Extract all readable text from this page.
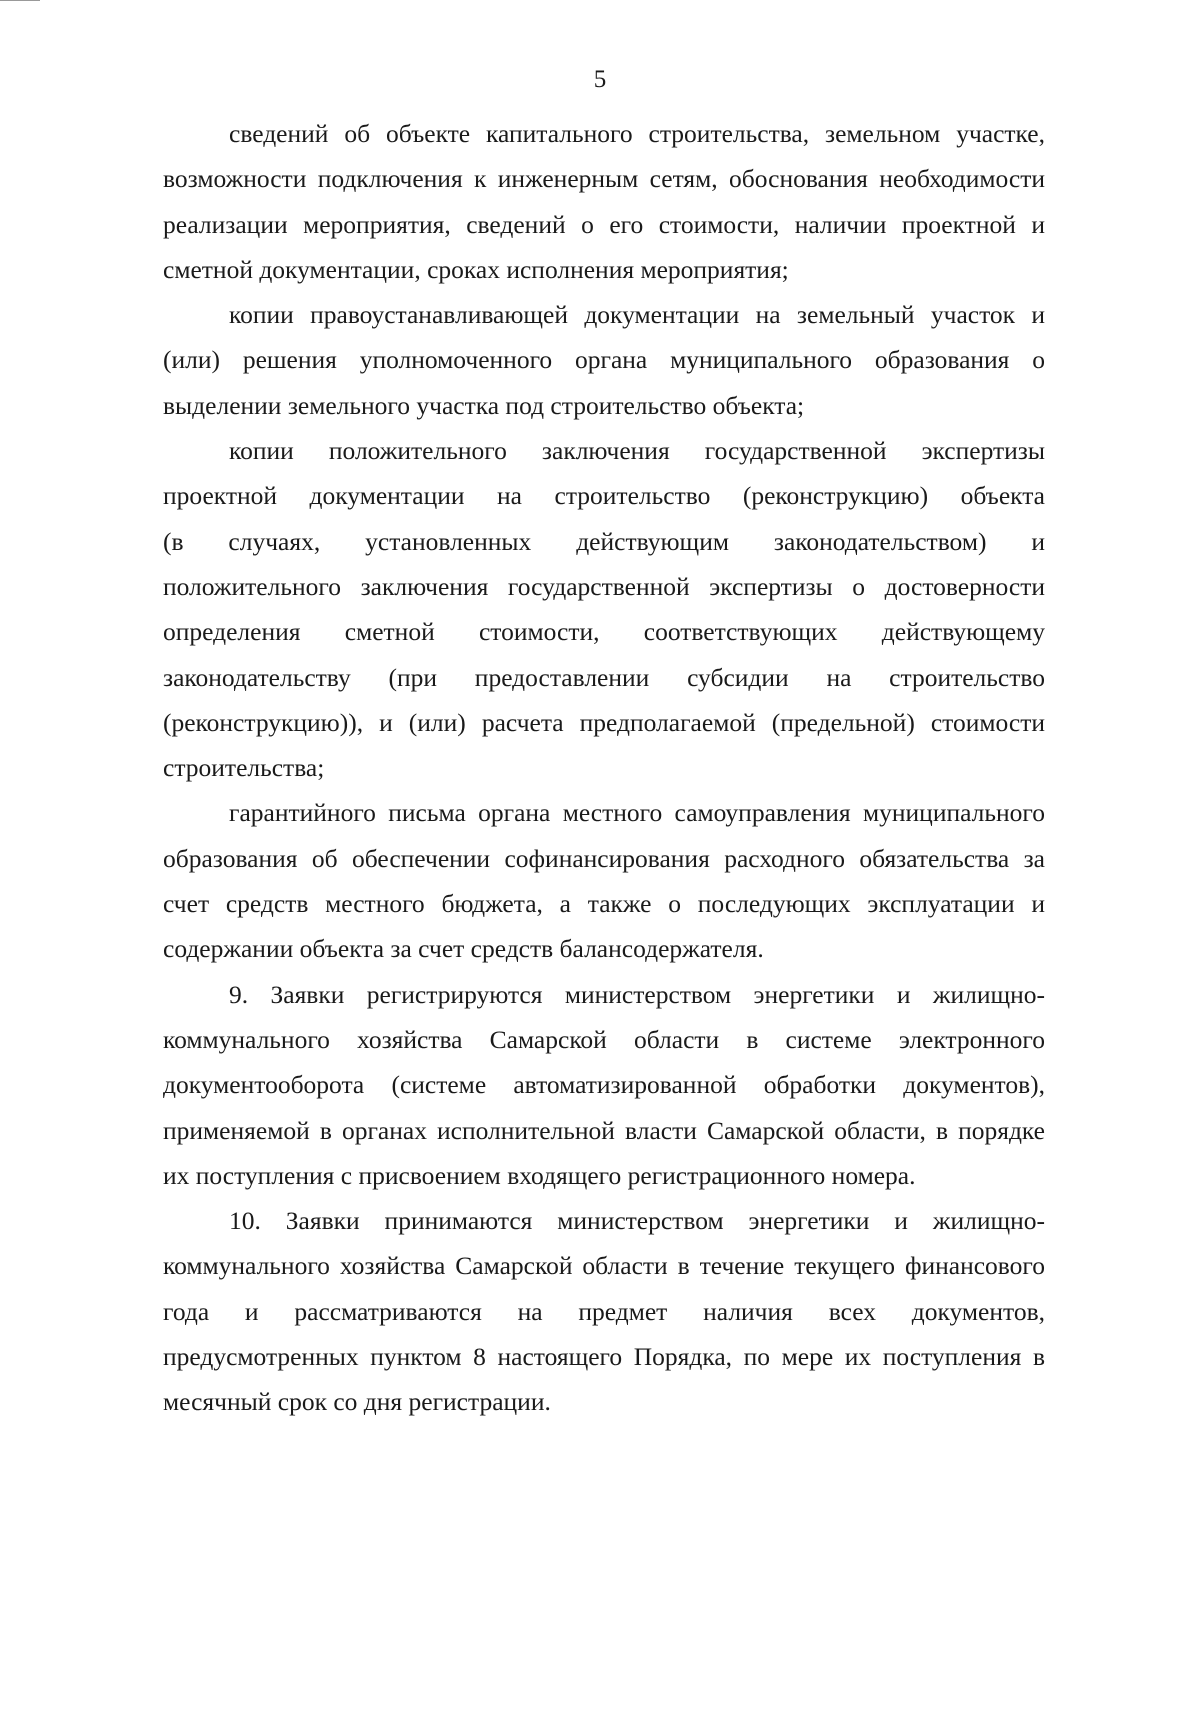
5
сведений об объекте капитального строительства, земельном участке,
возможности подключения к инженерным сетям, обоснования необходимости
реализации мероприятия, сведений о его стоимости, наличии проектной и
сметной документации, сроках исполнения мероприятия;
копии правоустанавливающей документации на земельный участок и
(или) решения уполномоченного органа муниципального образования о
выделении земельного участка под строительство объекта;
копии положительного заключения государственной экспертизы
проектной документации на строительство (реконструкцию) объекта
(в случаях, установленных действующим законодательством) и
положительного заключения государственной экспертизы о достоверности
определения сметной стоимости, соответствующих действующему
законодательству (при предоставлении субсидии на строительство
(реконструкцию)), и (или) расчета предполагаемой (предельной) стоимости
строительства;
гарантийного письма органа местного самоуправления муниципального
образования об обеспечении софинансирования расходного обязательства за
счет средств местного бюджета, а также о последующих эксплуатации и
содержании объекта за счет средств балансодержателя.
9. Заявки регистрируются министерством энергетики и жилищно-
коммунального хозяйства Самарской области в системе электронного
документооборота (системе автоматизированной обработки документов),
применяемой в органах исполнительной власти Самарской области, в порядке
их поступления с присвоением входящего регистрационного номера.
10. Заявки принимаются министерством энергетики и жилищно-
коммунального хозяйства Самарской области в течение текущего финансового
года и рассматриваются на предмет наличия всех документов,
предусмотренных пунктом 8 настоящего Порядка, по мере их поступления в
месячный срок со дня регистрации.
